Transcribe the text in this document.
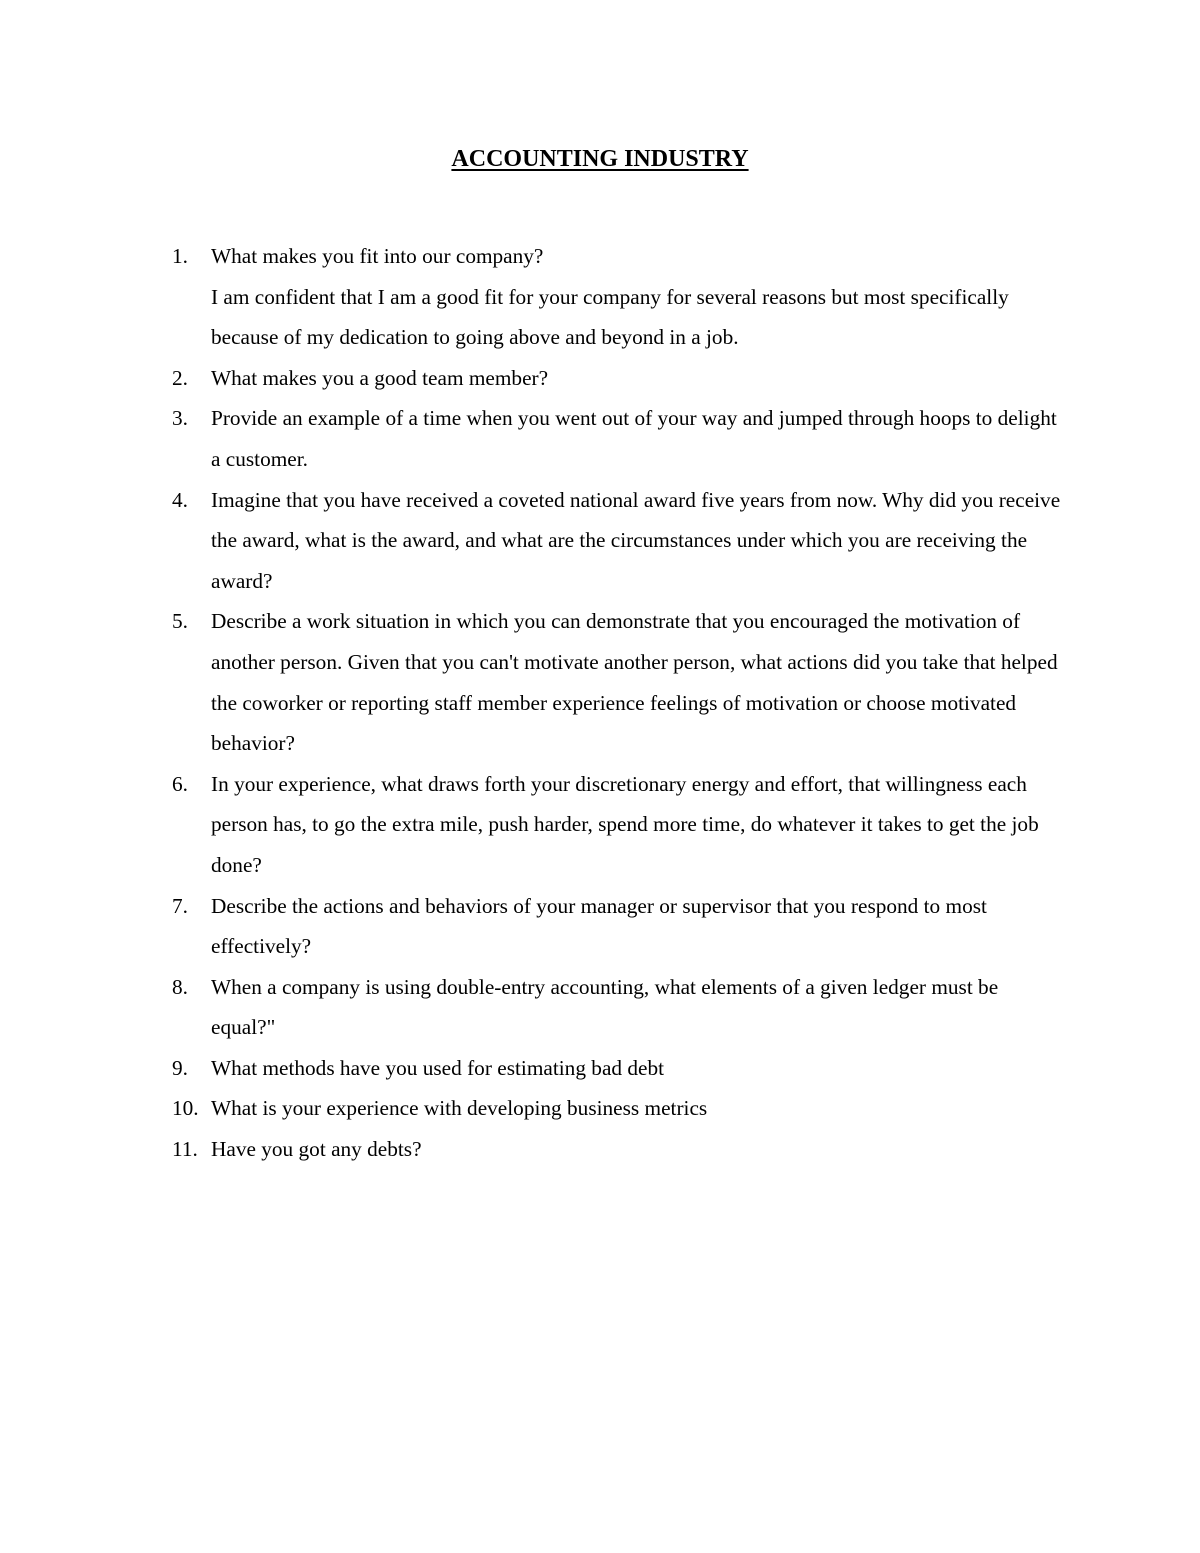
ACCOUNTING INDUSTRY
1.	What makes you fit into our company?
I am confident that I am a good fit for your company for several reasons but most specifically because of my dedication to going above and beyond in a job.
2.	What makes you a good team member?
3.	Provide an example of a time when you went out of your way and jumped through hoops to delight a customer.
4.	Imagine that you have received a coveted national award five years from now. Why did you receive the award, what is the award, and what are the circumstances under which you are receiving the award?
5.	Describe a work situation in which you can demonstrate that you encouraged the motivation of another person. Given that you can't motivate another person, what actions did you take that helped the coworker or reporting staff member experience feelings of motivation or choose motivated behavior?
6.	In your experience, what draws forth your discretionary energy and effort, that willingness each person has, to go the extra mile, push harder, spend more time, do whatever it takes to get the job done?
7.	Describe the actions and behaviors of your manager or supervisor that you respond to most effectively?
8.	When a company is using double-entry accounting, what elements of a given ledger must be equal?"
9.	What methods have you used for estimating bad debt
10. What is your experience with developing business metrics
11. Have you got any debts?
